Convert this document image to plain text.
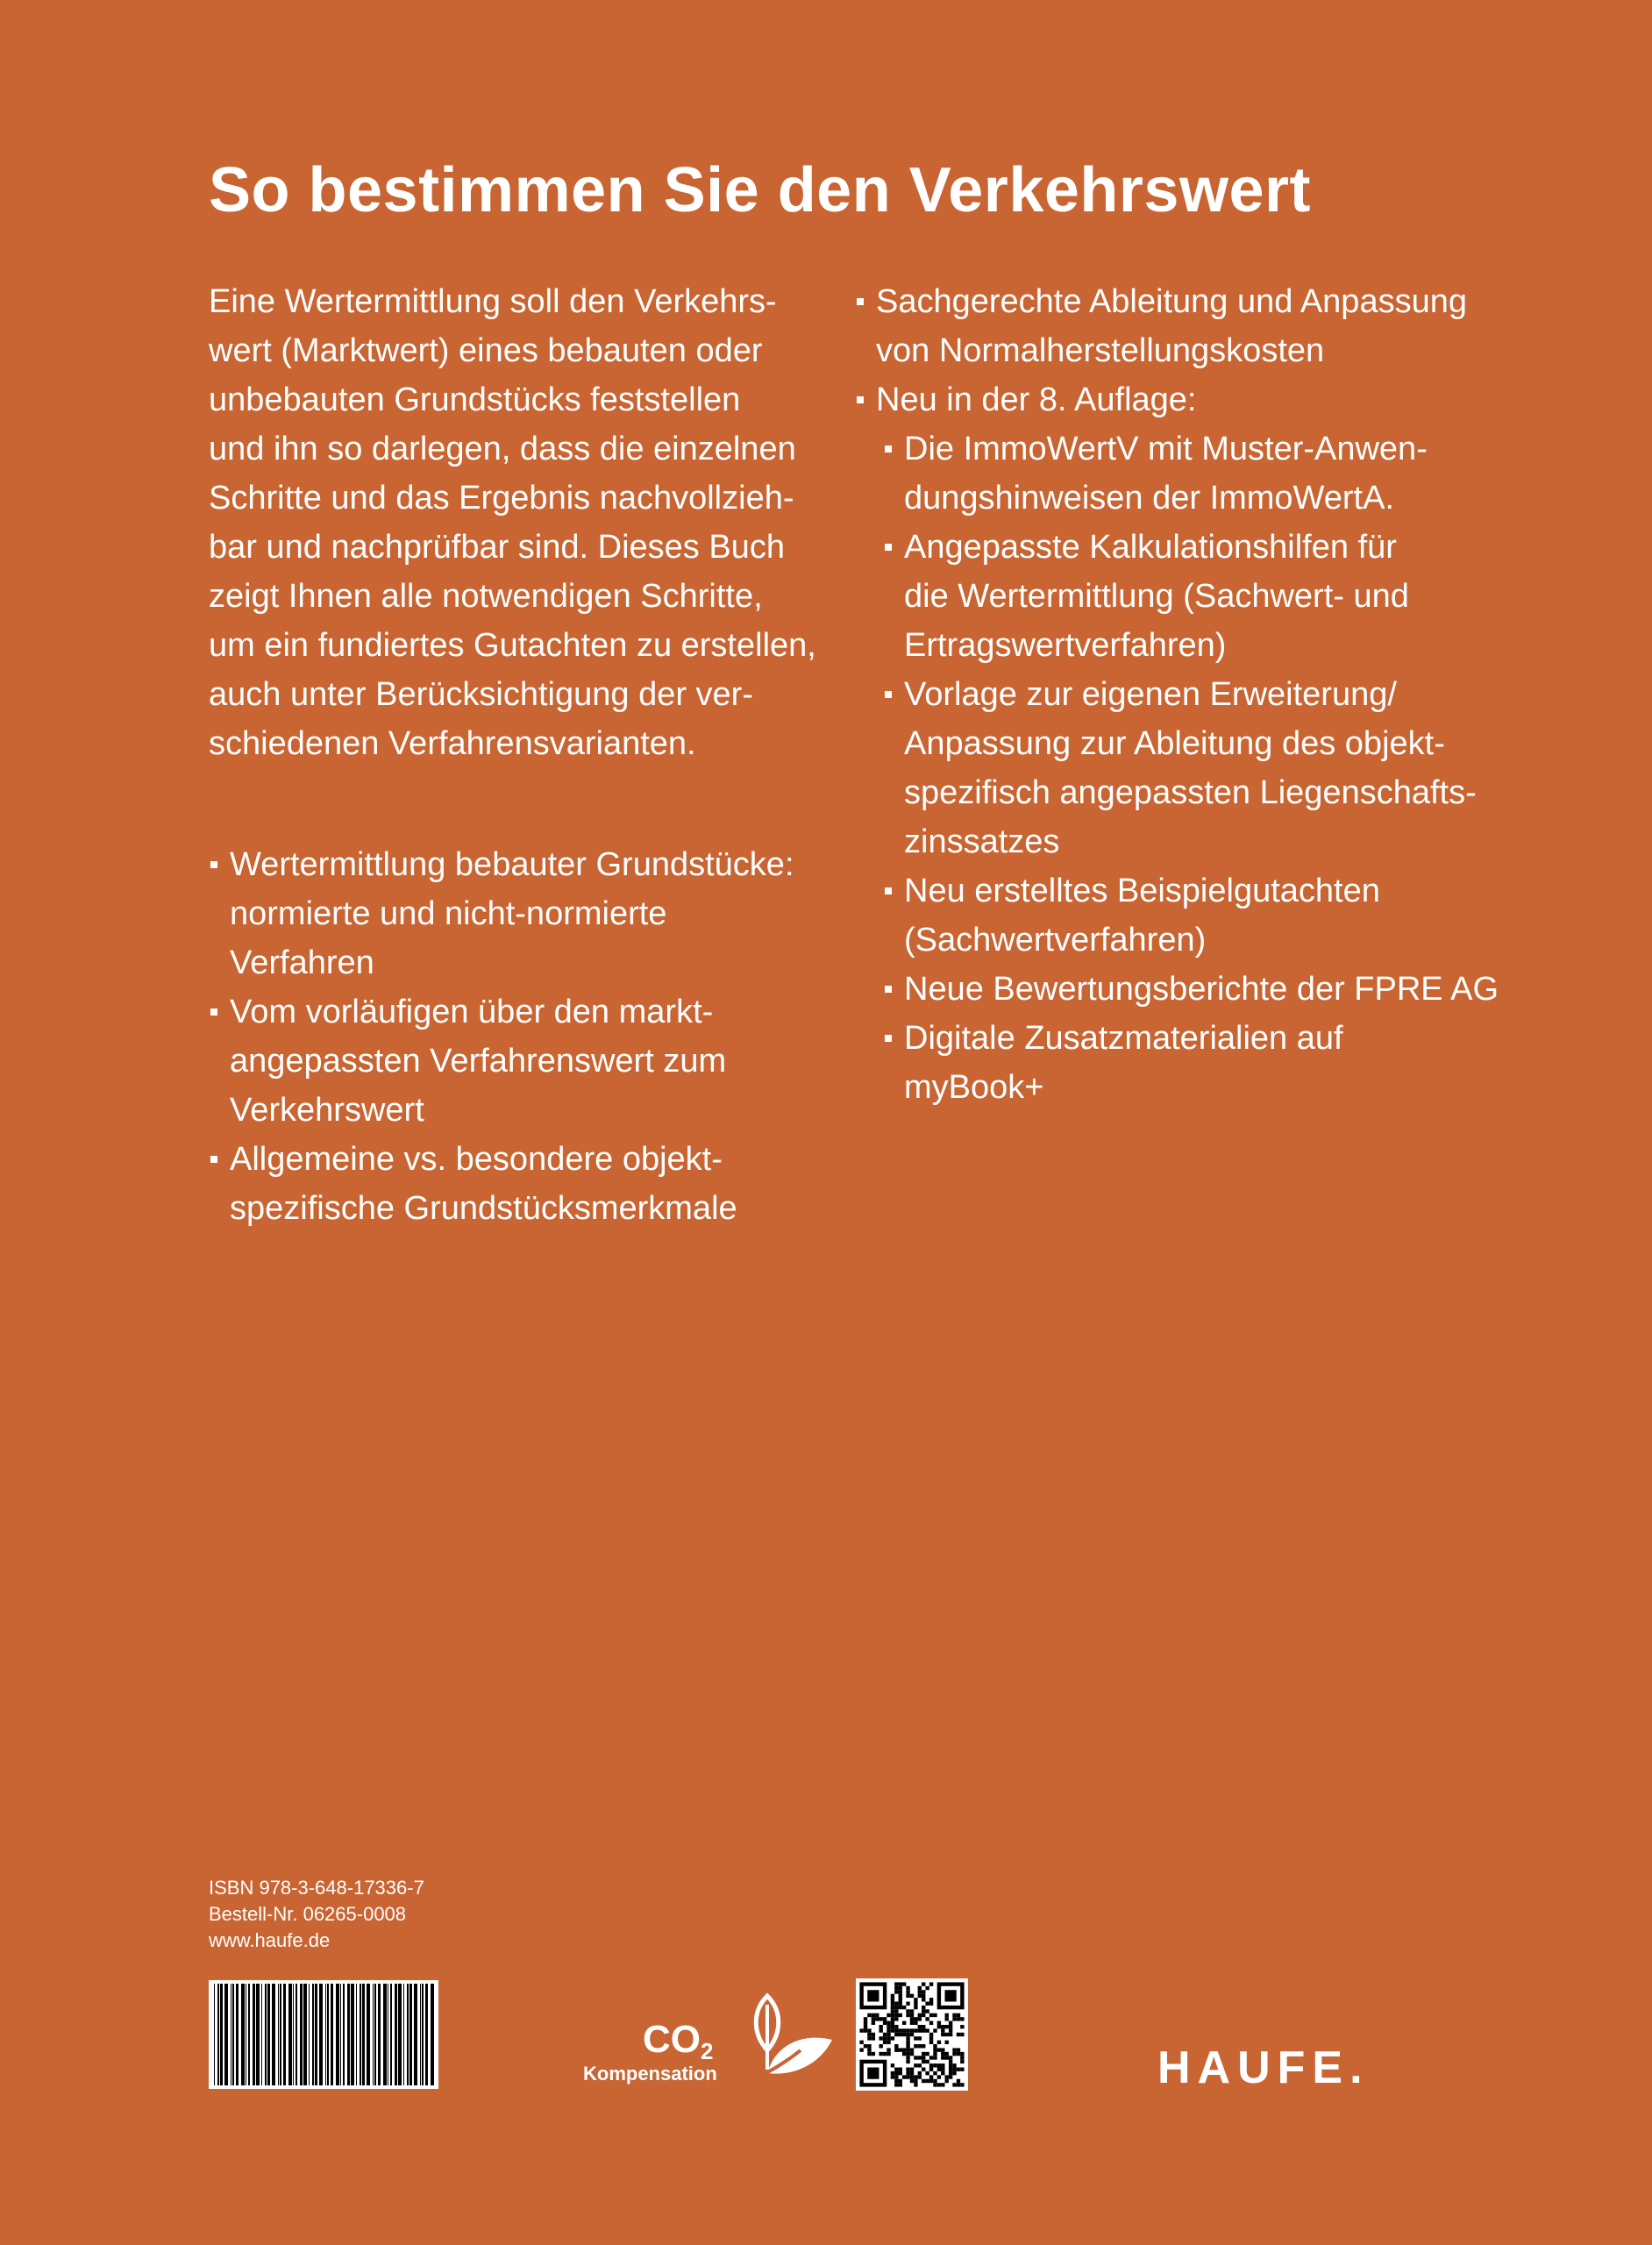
So bestimmen Sie den Verkehrswert
Eine Wertermittlung soll den Verkehrs-
wert (Marktwert) eines bebauten oder
unbebauten Grundstücks feststellen
und ihn so darlegen, dass die einzelnen
Schritte und das Ergebnis nachvollzieh-
bar und nachprüfbar sind. Dieses Buch
zeigt Ihnen alle notwendigen Schritte,
um ein fundiertes Gutachten zu erstellen,
auch unter Berücksichtigung der ver-
schiedenen Verfahrensvarianten.
Wertermittlung bebauter Grundstücke:
normierte und nicht-normierte
Verfahren
Vom vorläufigen über den markt-
angepassten Verfahrenswert zum
Verkehrswert
Allgemeine vs. besondere objekt-
spezifische Grundstücksmerkmale
Sachgerechte Ableitung und Anpassung
von Normalherstellungskosten
Neu in der 8. Auflage:
Die ImmoWertV mit Muster-Anwen-
dungshinweisen der ImmoWertA.
Angepasste Kalkulationshilfen für
die Wertermittlung (Sachwert- und
Ertragswertverfahren)
Vorlage zur eigenen Erweiterung/
Anpassung zur Ableitung des objekt-
spezifisch angepassten Liegenschafts-
zinssatzes
Neu erstelltes Beispielgutachten
(Sachwertverfahren)
Neue Bewertungsberichte der FPRE AG
Digitale Zusatzmaterialien auf
myBook+
ISBN 978-3-648-17336-7
Bestell-Nr. 06265-0008
www.haufe.de
CO2
Kompensation	HAUFE.
